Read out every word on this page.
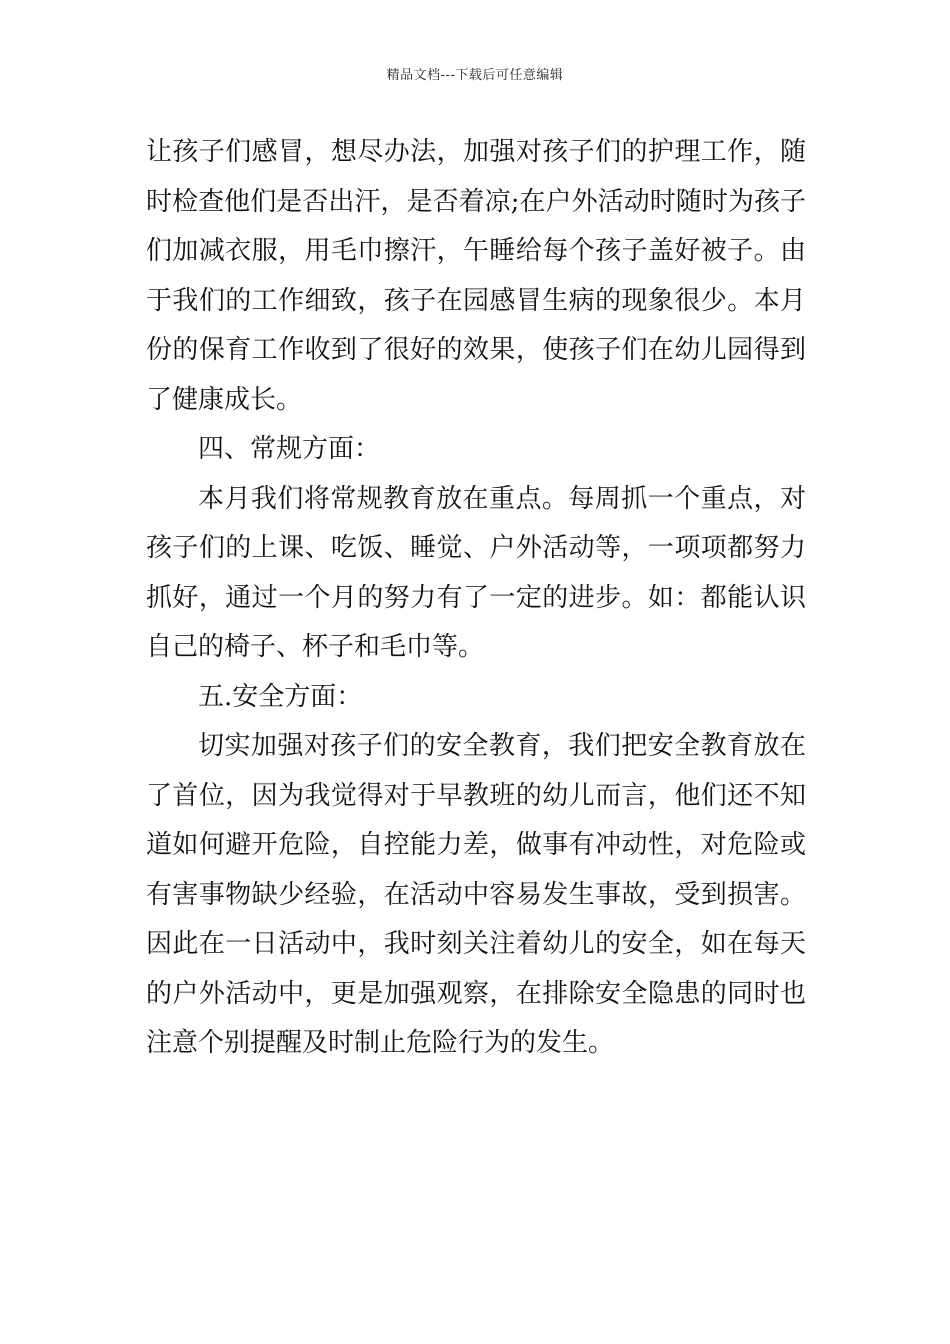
精品文档---下载后可任意编辑

让孩子们感冒，想尽办法，加强对孩子们的护理工作，随时检查他们是否出汗，是否着凉;在户外活动时随时为孩子们加减衣服，用毛巾擦汗，午睡给每个孩子盖好被子。由于我们的工作细致，孩子在园感冒生病的现象很少。本月份的保育工作收到了很好的效果，使孩子们在幼儿园得到了健康成长。

四、常规方面：

本月我们将常规教育放在重点。每周抓一个重点，对孩子们的上课、吃饭、睡觉、户外活动等，一项项都努力抓好，通过一个月的努力有了一定的进步。如：都能认识自己的椅子、杯子和毛巾等。

五.安全方面：

切实加强对孩子们的安全教育，我们把安全教育放在了首位，因为我觉得对于早教班的幼儿而言，他们还不知道如何避开危险，自控能力差，做事有冲动性，对危险或有害事物缺少经验，在活动中容易发生事故，受到损害。因此在一日活动中，我时刻关注着幼儿的安全，如在每天的户外活动中，更是加强观察，在排除安全隐患的同时也注意个别提醒及时制止危险行为的发生。
